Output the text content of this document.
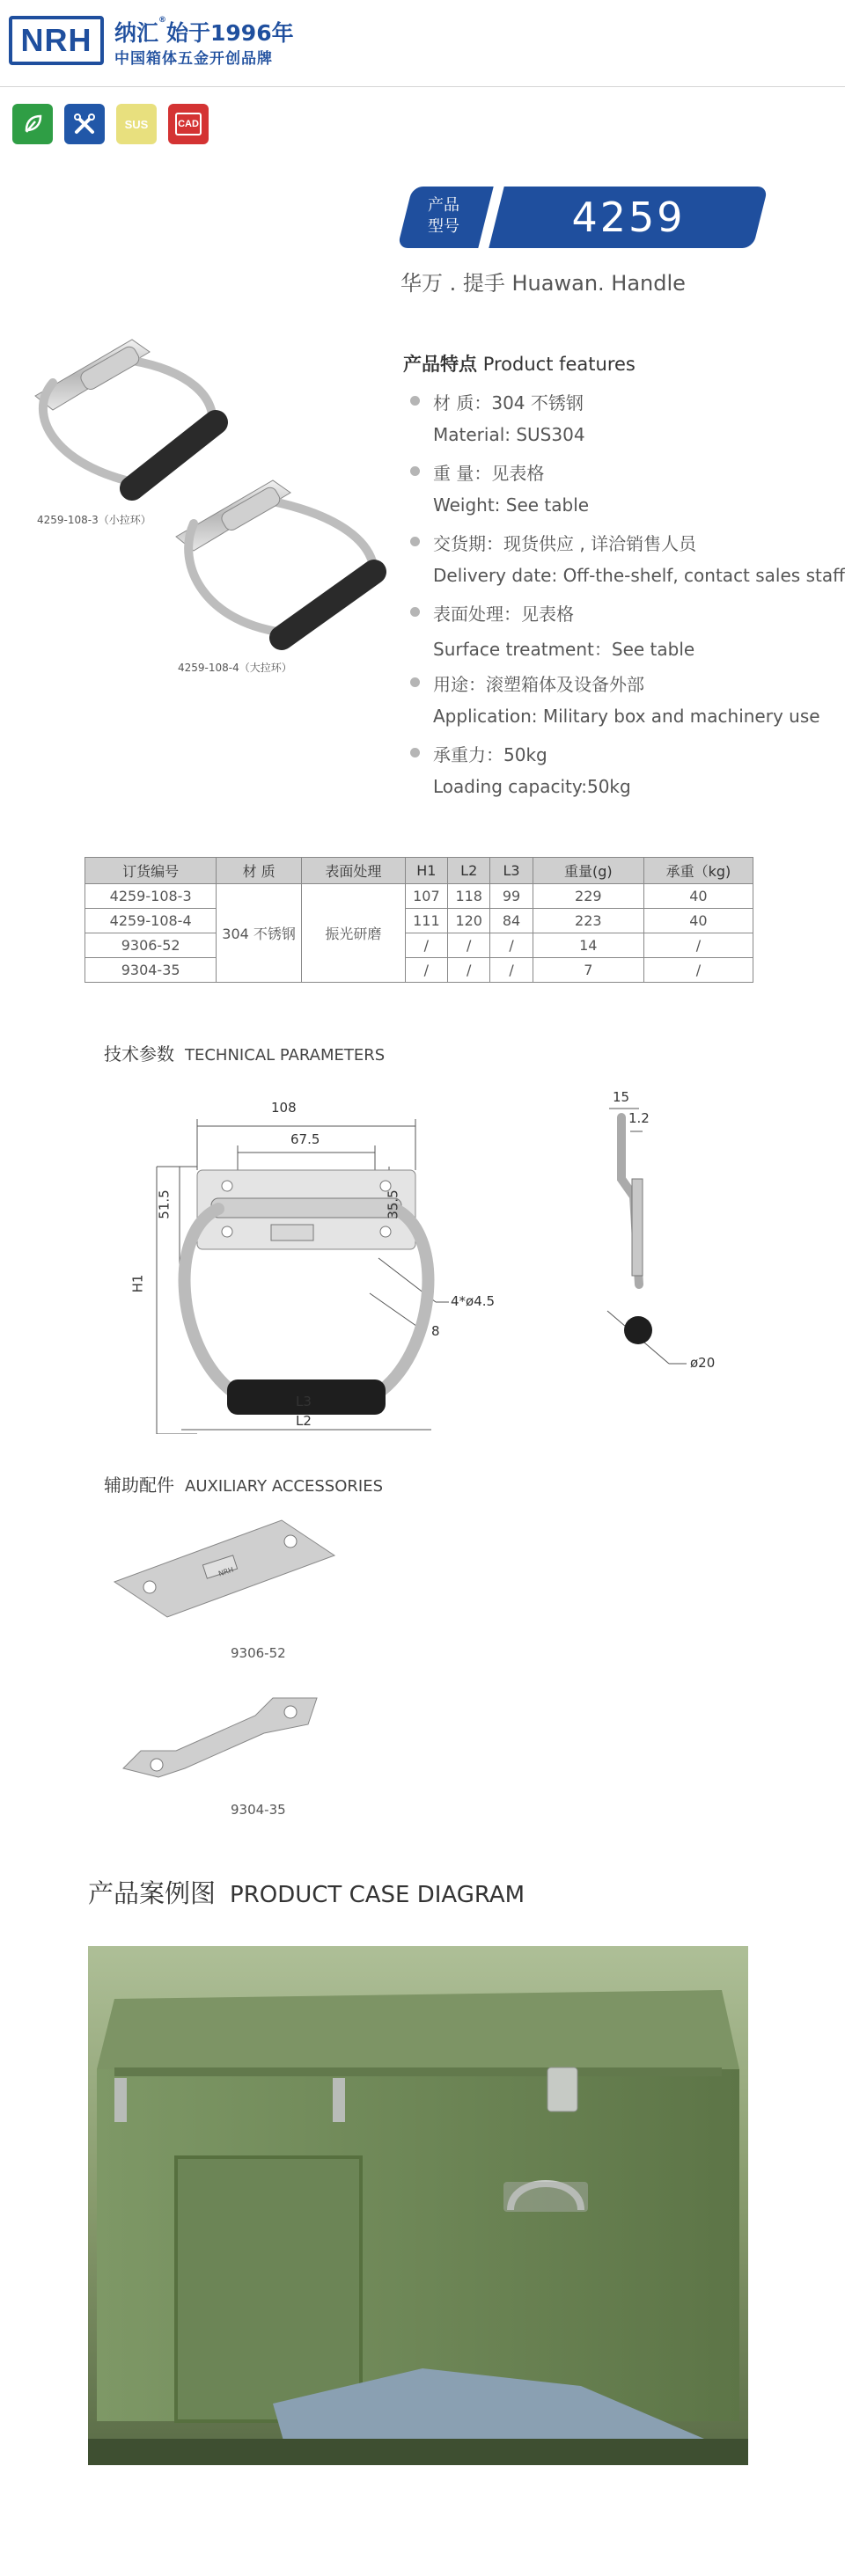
NRH 纳汇®始于1996年
中国箱体五金开创品牌
SUS	CAD
产品
型号	4259
华万 . 提手 Huawan. Handle
4259-108-3（小拉环）
4259-108-4（大拉环）
产品特点 Product features
材 质：304 不锈钢
Material: SUS304
重 量：见表格
Weight: See table
交货期：现货供应 , 详洽销售人员
Delivery date: Off-the-shelf, contact sales staff
表面处理：见表格
Surface treatment：See table
用途：滚塑箱体及设备外部
Application: Military box and machinery use
承重力：50kg
Loading capacity:50kg
订货编号	材 质	表面处理	H1	L2	L3	重量(g)	承重（kg)
4259-108-3	304 不锈钢	振光研磨	107	118	99	229	40
4259-108-4			111	120	84	223	40
9306-52			/	/	/	14	/
9304-35			/	/	/	7	/
技术参数 TECHNICAL PARAMETERS
108
67.5
51.5	35.5
H1
4*ø4.5
8
L3
L2
15
1.2
ø20
辅助配件 AUXILIARY ACCESSORIES
NRH
9306-52
9304-35
产品案例图 PRODUCT CASE DIAGRAM
